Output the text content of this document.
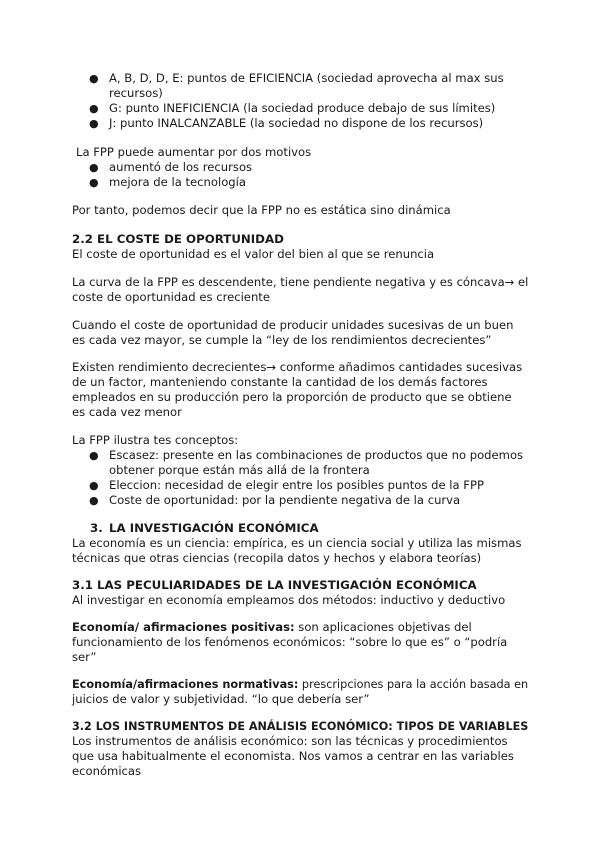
● A, B, D, D, E: puntos de EFICIENCIA (sociedad aprovecha al max sus
recursos)
● G: punto INEFICIENCIA (la sociedad produce debajo de sus límites)
● J: punto INALCANZABLE (la sociedad no dispone de los recursos)
La FPP puede aumentar por dos motivos
● aumentó de los recursos
● mejora de la tecnología
Por tanto, podemos decir que la FPP no es estática sino dinámica
2.2 EL COSTE DE OPORTUNIDAD
El coste de oportunidad es el valor del bien al que se renuncia
La curva de la FPP es descendente, tiene pendiente negativa y es cóncava→ el
coste de oportunidad es creciente
Cuando el coste de oportunidad de producir unidades sucesivas de un buen
es cada vez mayor, se cumple la “ley de los rendimientos decrecientes”
Existen rendimiento decrecientes→ conforme añadimos cantidades sucesivas
de un factor, manteniendo constante la cantidad de los demás factores
empleados en su producción pero la proporción de producto que se obtiene
es cada vez menor
La FPP ilustra tes conceptos:
● Escasez: presente en las combinaciones de productos que no podemos
obtener porque están más allá de la frontera
● Eleccion: necesidad de elegir entre los posibles puntos de la FPP
● Coste de oportunidad: por la pendiente negativa de la curva
3. LA INVESTIGACIÓN ECONÓMICA
La economía es un ciencia: empírica, es un ciencia social y utiliza las mismas
técnicas que otras ciencias (recopila datos y hechos y elabora teorías)
3.1 LAS PECULIARIDADES DE LA INVESTIGACIÓN ECONÓMICA
Al investigar en economía empleamos dos métodos: inductivo y deductivo
Economía/ afirmaciones positivas: son aplicaciones objetivas del
funcionamiento de los fenómenos económicos: “sobre lo que es” o “podría
ser”
Economía/afirmaciones normativas: prescripciones para la acción basada en
juicios de valor y subjetividad. “lo que debería ser”
3.2 LOS INSTRUMENTOS DE ANÁLISIS ECONÓMICO: TIPOS DE VARIABLES
Los instrumentos de análisis económico: son las técnicas y procedimientos
que usa habitualmente el economista. Nos vamos a centrar en las variables
económicas
